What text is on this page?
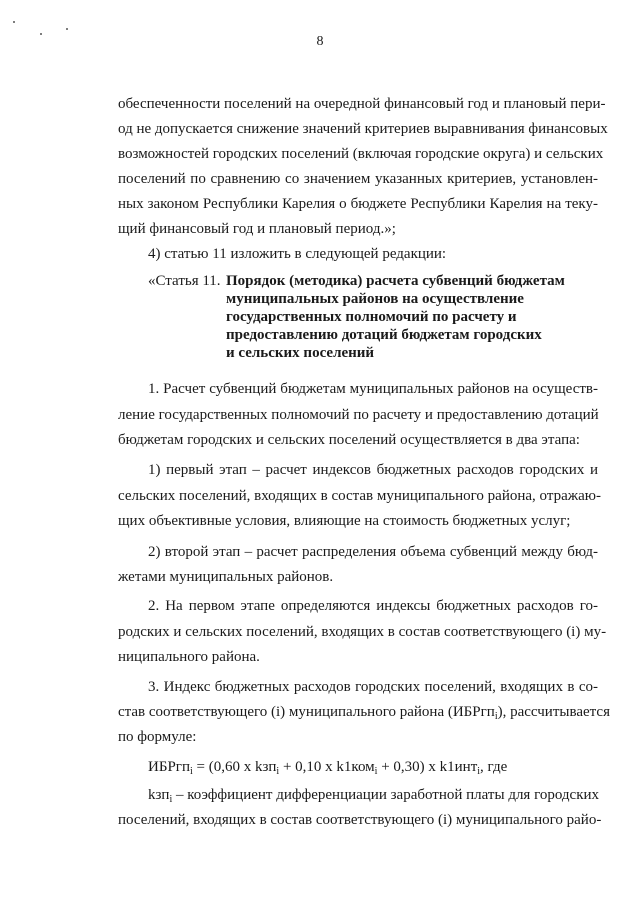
8
обеспеченности поселений на очередной финансовый год и плановый пери-
од не допускается снижение значений критериев выравнивания финансовых
возможностей городских поселений (включая городские округа) и сельских
поселений по сравнению со значением указанных критериев, установлен-
ных законом Республики Карелия о бюджете Республики Карелия на теку-
щий финансовый год и плановый период.»;
4) статью 11 изложить в следующей редакции:
«Статья 11. Порядок (методика) расчета субвенций бюджетам
муниципальных районов на осуществление
государственных полномочий по расчету и
предоставлению дотаций бюджетам городских
и сельских поселений
1. Расчет субвенций бюджетам муниципальных районов на осуществ-
ление государственных полномочий по расчету и предоставлению дотаций
бюджетам городских и сельских поселений осуществляется в два этапа:
1) первый этап – расчет индексов бюджетных расходов городских и
сельских поселений, входящих в состав муниципального района, отражаю-
щих объективные условия, влияющие на стоимость бюджетных услуг;
2) второй этап – расчет распределения объема субвенций между бюд-
жетами муниципальных районов.
2. На первом этапе определяются индексы бюджетных расходов го-
родских и сельских поселений, входящих в состав соответствующего (i) му-
ниципального района.
3. Индекс бюджетных расходов городских поселений, входящих в со-
став соответствующего (i) муниципального района (ИБРгп$_i$), рассчитывается
по формуле:
ИБРгп$_i$ = (0,60 х kзп$_i$ + 0,10 х k1ком$_i$ + 0,30) х k1инт$_i$, где
kзп$_i$ – коэффициент дифференциации заработной платы для городских
поселений, входящих в состав соответствующего (i) муниципального райо-
